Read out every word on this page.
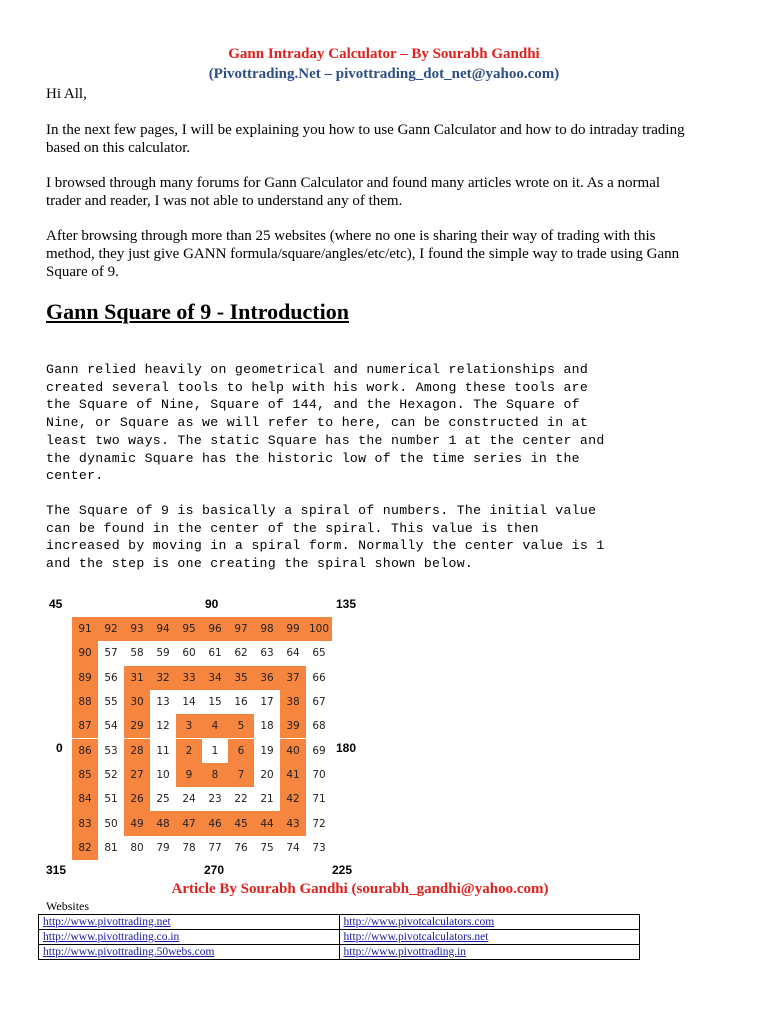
Gann Intraday Calculator – By Sourabh Gandhi
(Pivottrading.Net – pivottrading_dot_net@yahoo.com)

Hi All,

In the next few pages, I will be explaining you how to use Gann Calculator and how to do intraday trading based on this calculator.

I browsed through many forums for Gann Calculator and found many articles wrote on it. As a normal trader and reader, I was not able to understand any of them.

After browsing through more than 25 websites (where no one is sharing their way of trading with this method, they just give GANN formula/square/angles/etc/etc), I found the simple way to trade using Gann Square of 9.

Gann Square of 9 - Introduction

Gann relied heavily on geometrical and numerical relationships and
created several tools to help with his work. Among these tools are
the Square of Nine, Square of 144, and the Hexagon. The Square of
Nine, or Square as we will refer to here, can be constructed in at
least two ways. The static Square has the number 1 at the center and
the dynamic Square has the historic low of the time series in the
center.

The Square of 9 is basically a spiral of numbers. The initial value
can be found in the center of the spiral. This value is then
increased by moving in a spiral form. Normally the center value is 1
and the step is one creating the spiral shown below.

45	90	135
0	180
315	270	225
91	92	93	94	95	96	97	98	99 100
90	57	58	59	60	61	62	63	64	65
89	56	31	32	33	34	35	36	37	66
88	55	30	13	14	15	16	17	38	67
87	54	29	12	3	4	5	18	39	68
86	53	28	11	2	1	6	19	40	69
85	52	27	10	9	8	7	20	41	70
84	51	26	25	24	23	22	21	42	71
83	50	49	48	47	46	45	44	43	72
82	81	80	79	78	77	76	75	74	73
Article By Sourabh Gandhi (sourabh_gandhi@yahoo.com)
Websites
http://www.pivottrading.net	http://www.pivotcalculators.com
http://www.pivottrading.co.in	http://www.pivotcalculators.net
http://www.pivottrading.50webs.com	http://www.pivottrading.in
